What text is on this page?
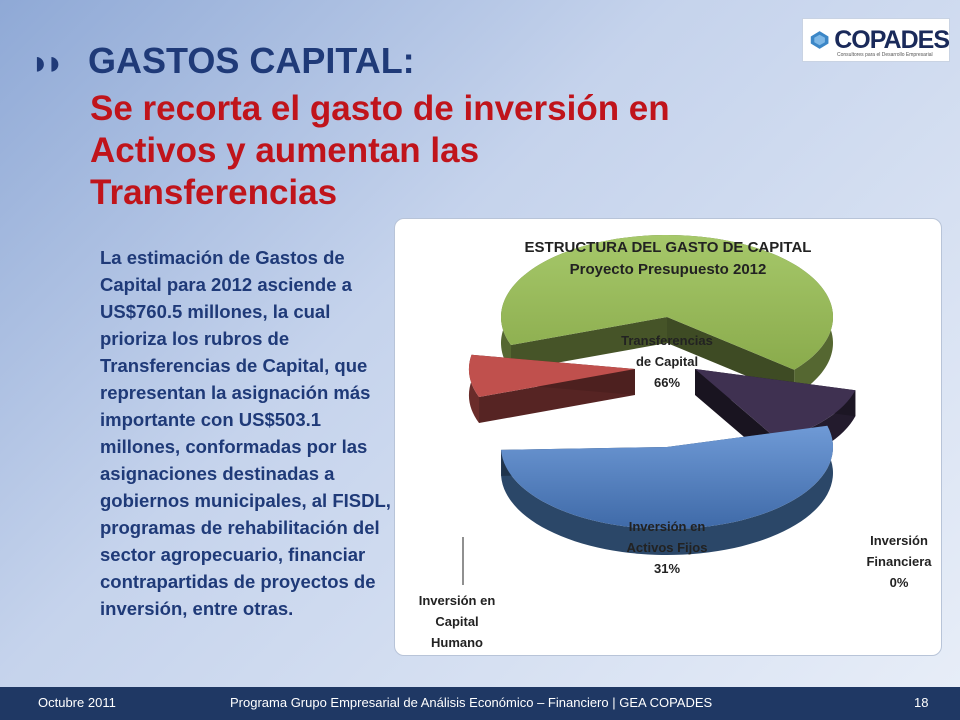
COPADES
Consultores para el Desarrollo Empresarial
◗◗ GASTOS CAPITAL:
Se recorta el gasto de inversión en
Activos y aumentan las
Transferencias
La estimación de Gastos de Capital para 2012 asciende a US$760.5 millones, la cual prioriza los rubros de Transferencias de Capital, que representan la asignación más importante con US$503.1 millones, conformadas por las asignaciones destinadas a gobiernos municipales, al FISDL, programas de rehabilitación del sector agropecuario, financiar contrapartidas de proyectos de inversión, entre otras.
Transferencias de Capital 66%
Inversión Financiera 0%
Inversión en Activos Fijos 31%
Inversión en Capital Humano
ESTRUCTURA DEL GASTO DE CAPITAL
Proyecto Presupuesto 2012
Octubre 2011	Programa Grupo Empresarial de Análisis Económico – Financiero | GEA COPADES	18
